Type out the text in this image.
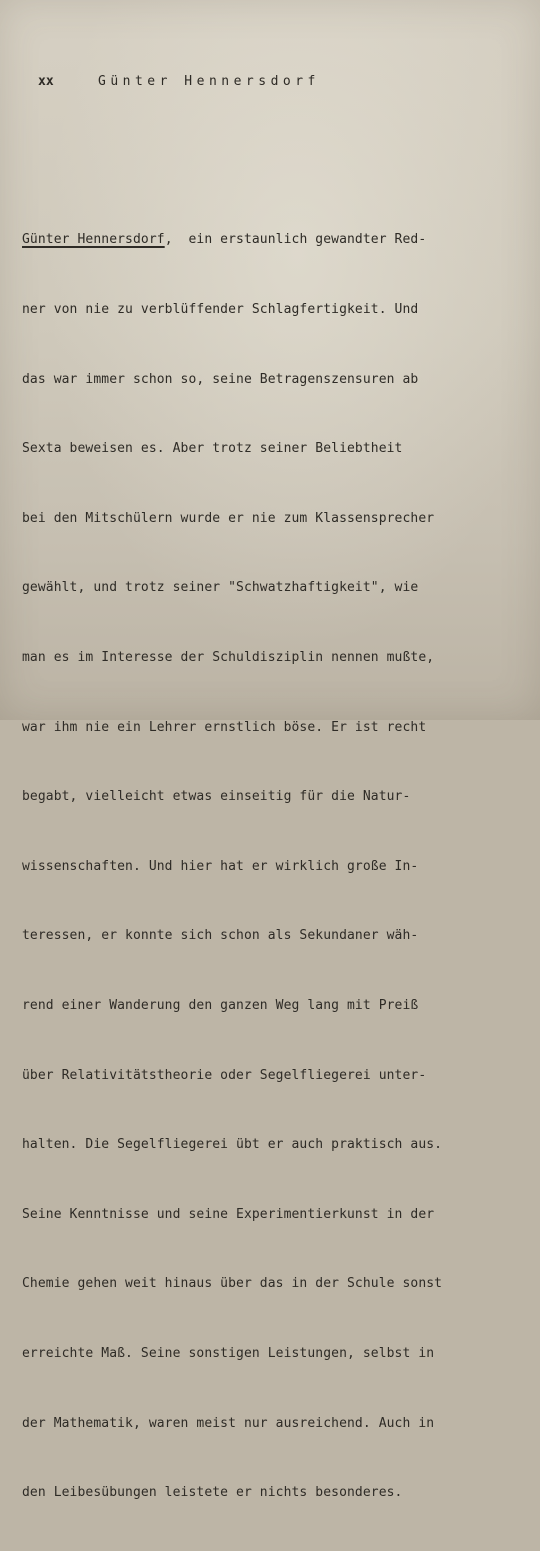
xx	Günter Hennersdorf

Günter Hennersdorf,  ein erstaunlich gewandter Red-

ner von nie zu verblüffender Schlagfertigkeit. Und

das war immer schon so, seine Betragenszensuren ab

Sexta beweisen es. Aber trotz seiner Beliebtheit

bei den Mitschülern wurde er nie zum Klassensprecher

gewählt, und trotz seiner "Schwatzhaftigkeit", wie

man es im Interesse der Schuldisziplin nennen mußte,

war ihm nie ein Lehrer ernstlich böse. Er ist recht

begabt, vielleicht etwas einseitig für die Natur-

wissenschaften. Und hier hat er wirklich große In-

teressen, er konnte sich schon als Sekundaner wäh-

rend einer Wanderung den ganzen Weg lang mit Preiß

über Relativitätstheorie oder Segelfliegerei unter-

halten. Die Segelfliegerei übt er auch praktisch aus.

Seine Kenntnisse und seine Experimentierkunst in der

Chemie gehen weit hinaus über das in der Schule sonst

erreichte Maß. Seine sonstigen Leistungen, selbst in

der Mathematik, waren meist nur ausreichend. Auch in

den Leibesübungen leistete er nichts besonderes.
